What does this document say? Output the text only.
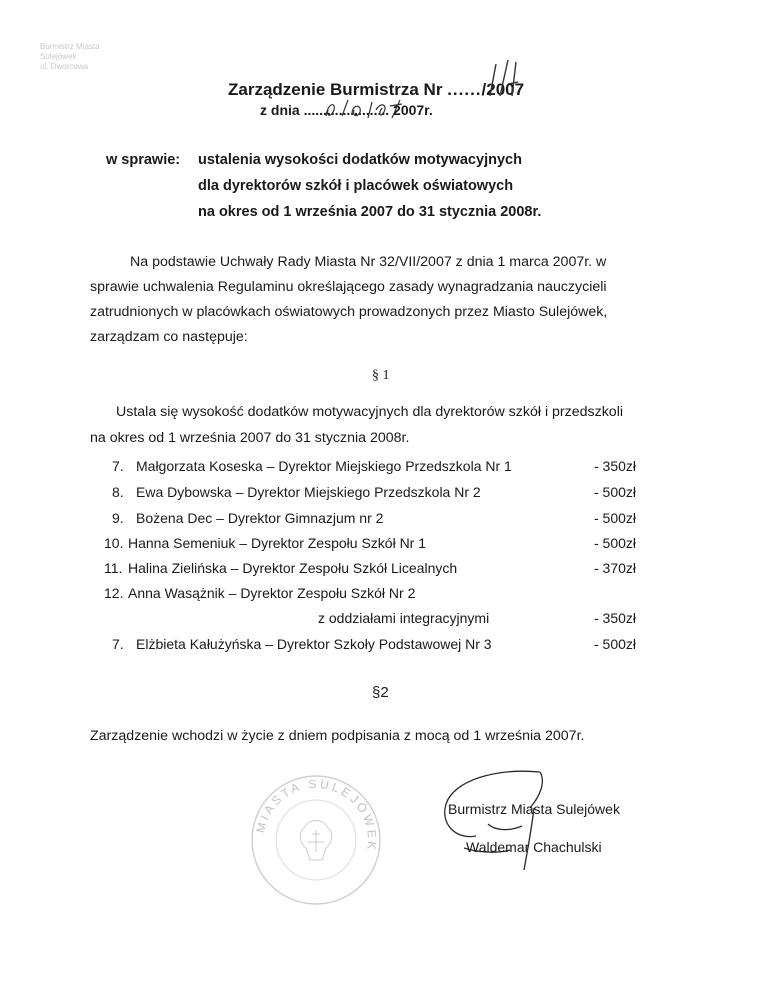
Burmistrz Miasta
Sulejówek
ul. Dworcowa
Zarządzenie Burmistrza Nr ....../2007
z dnia ...................... 2007r.
w sprawie: ustalenia wysokości dodatków motywacyjnych
dla dyrektorów szkół i placówek oświatowych
na okres od 1 września 2007 do 31 stycznia 2008r.
Na podstawie Uchwały Rady Miasta Nr 32/VII/2007 z dnia 1 marca 2007r. w
sprawie uchwalenia Regulaminu określającego zasady wynagradzania nauczycieli
zatrudnionych w placówkach oświatowych prowadzonych przez Miasto Sulejówek,
zarządzam co następuje:
§ 1
Ustala się wysokość dodatków motywacyjnych dla dyrektorów szkół i przedszkoli
na okres od 1 września 2007 do 31 stycznia 2008r.
7. Małgorzata Koseska – Dyrektor Miejskiego Przedszkola Nr 1	- 350zł
8. Ewa Dybowska – Dyrektor Miejskiego Przedszkola Nr 2	- 500zł
9. Bożena Dec – Dyrektor Gimnazjum nr 2	- 500zł
10. Hanna Semeniuk – Dyrektor Zespołu Szkół Nr 1	- 500zł
11. Halina Zielińska – Dyrektor Zespołu Szkół Licealnych	- 370zł
12. Anna Wasążnik – Dyrektor Zespołu Szkół Nr 2
z oddziałami integracyjnymi	- 350zł
7. Elżbieta Kałużyńska – Dyrektor Szkoły Podstawowej Nr 3	- 500zł
§2
Zarządzenie wchodzi w życie z dniem podpisania z mocą od 1 września 2007r.
MIASTA SULEJÓWEK
Burmistrz Miasta Sulejówek
Waldemar Chachulski
